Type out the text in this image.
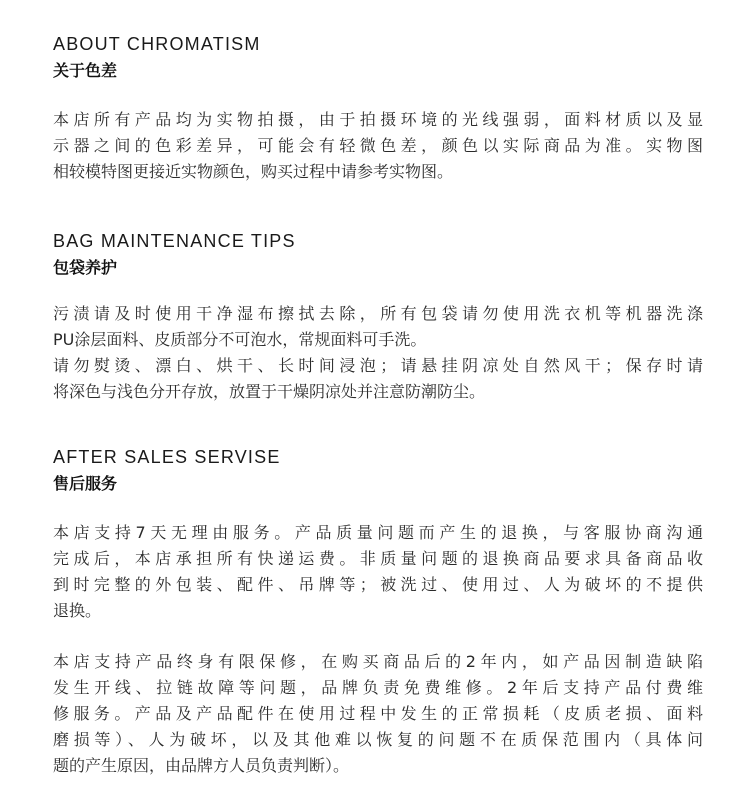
ABOUT CHROMATISM
关于色差
本店所有产品均为实物拍摄，由于拍摄环境的光线强弱，面料材质以及显
示器之间的色彩差异，可能会有轻微色差，颜色以实际商品为准。实物图
相较模特图更接近实物颜色，购买过程中请参考实物图。
BAG MAINTENANCE TIPS
包袋养护
污渍请及时使用干净湿布擦拭去除，所有包袋请勿使用洗衣机等机器洗涤
PU涂层面料、皮质部分不可泡水，常规面料可手洗。
请勿熨烫、漂白、烘干、长时间浸泡；请悬挂阴凉处自然风干；保存时请
将深色与浅色分开存放，放置于干燥阴凉处并注意防潮防尘。
AFTER SALES SERVISE
售后服务
本店支持7天无理由服务。产品质量问题而产生的退换，与客服协商沟通
完成后，本店承担所有快递运费。非质量问题的退换商品要求具备商品收
到时完整的外包装、配件、吊牌等；被洗过、使用过、人为破坏的不提供
退换。
本店支持产品终身有限保修，在购买商品后的2年内，如产品因制造缺陷
发生开线、拉链故障等问题，品牌负责免费维修。2年后支持产品付费维
修服务。产品及产品配件在使用过程中发生的正常损耗（皮质老损、面料
磨损等）、人为破坏，以及其他难以恢复的问题不在质保范围内（具体问
题的产生原因，由品牌方人员负责判断）。
